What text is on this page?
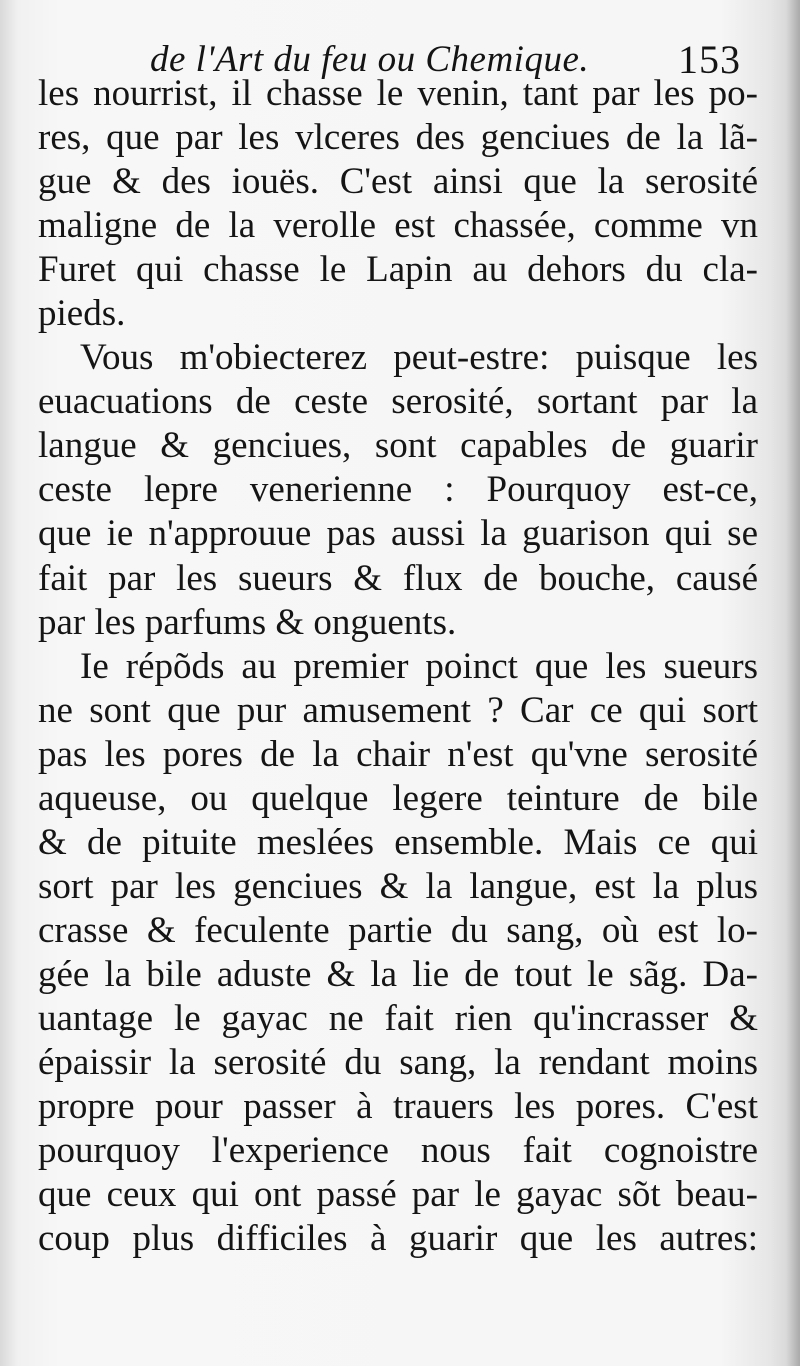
de l'Art du feu ou Chemique. 153
les nourrist, il chasse le venin, tant par les po-
res, que par les vlceres des genciues de la lã-
gue & des iouës. C'est ainsi que la serosité
maligne de la verolle est chassée, comme vn
Furet qui chasse le Lapin au dehors du cla-
pieds.
Vous m'obiecterez peut-estre: puisque les
euacuations de ceste serosité, sortant par la
langue & genciues, sont capables de guarir
ceste lepre venerienne : Pourquoy est-ce,
que ie n'approuue pas aussi la guarison qui se
fait par les sueurs & flux de bouche, causé
par les parfums & onguents.
Ie répõds au premier poinct que les sueurs
ne sont que pur amusement ? Car ce qui sort
pas les pores de la chair n'est qu'vne serosité
aqueuse, ou quelque legere teinture de bile
& de pituite meslées ensemble. Mais ce qui
sort par les genciues & la langue, est la plus
crasse & feculente partie du sang, où est lo-
gée la bile aduste & la lie de tout le sãg. Da-
uantage le gayac ne fait rien qu'incrasser &
épaissir la serosité du sang, la rendant moins
propre pour passer à trauers les pores. C'est
pourquoy l'experience nous fait cognoistre
que ceux qui ont passé par le gayac sõt beau-
coup plus difficiles à guarir que les autres:
